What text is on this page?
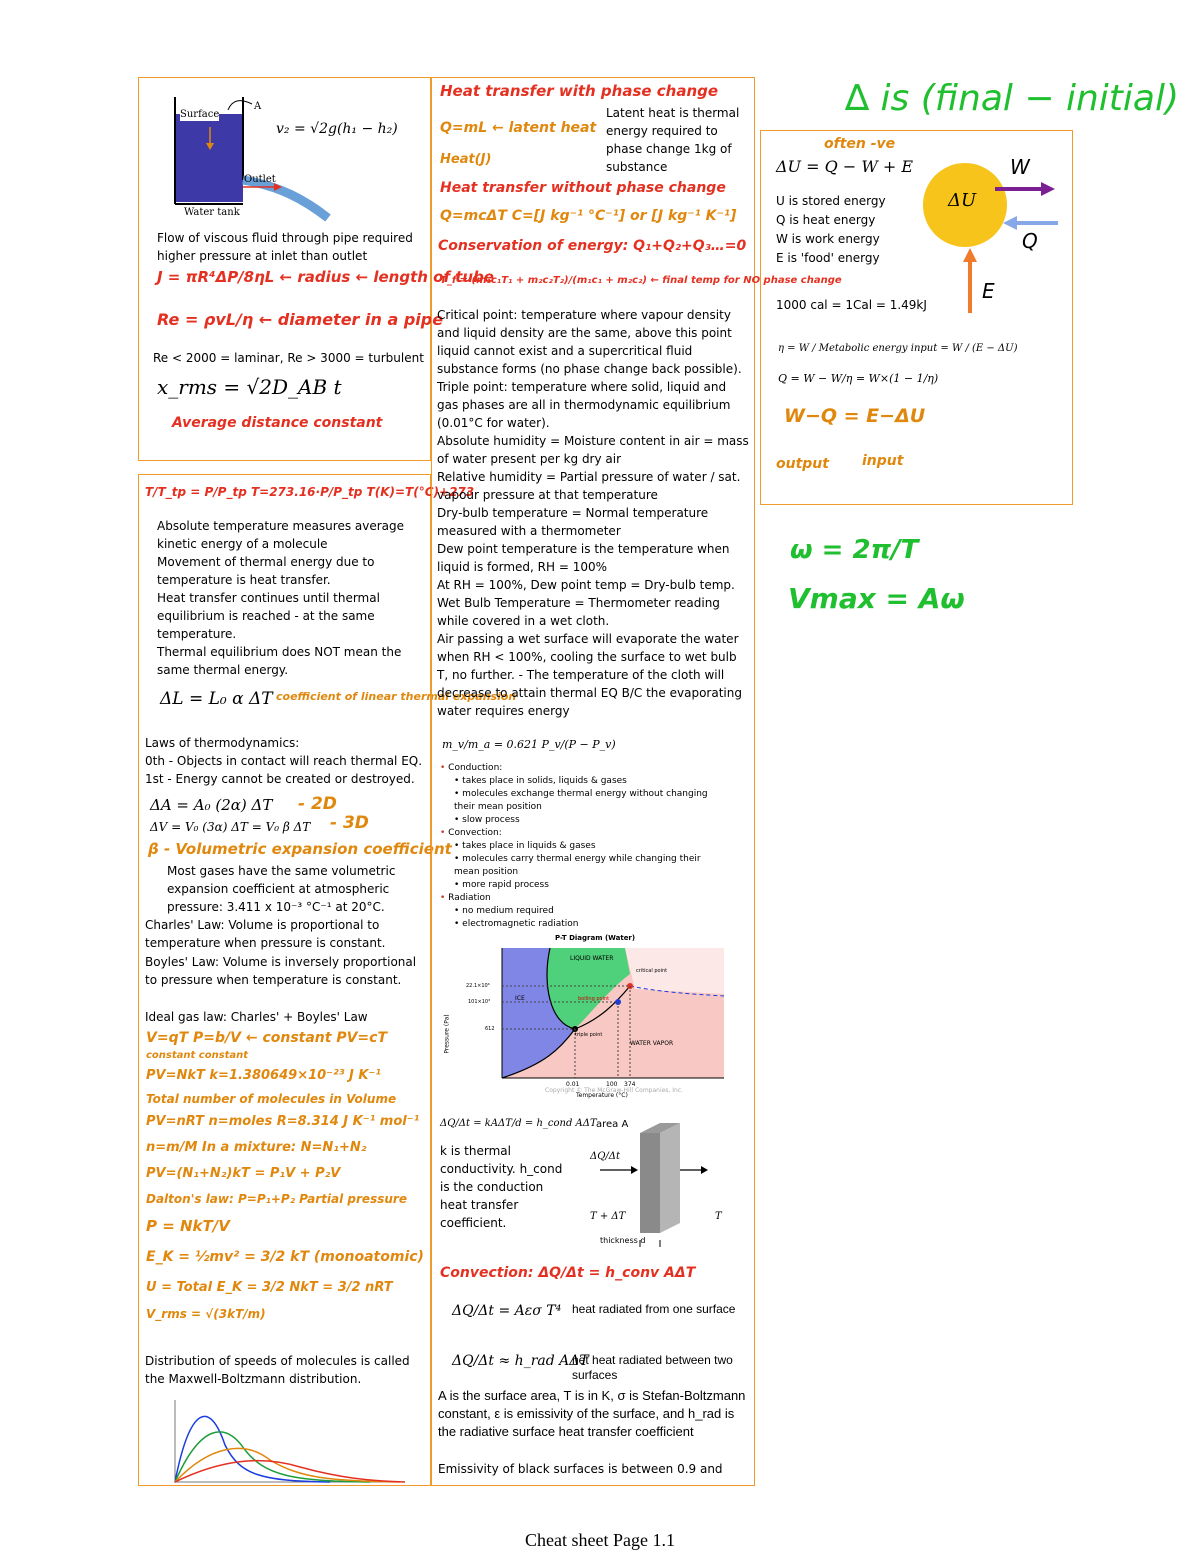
∆ is (final − initial)
Surface
A
Outlet
Water tank
v₂ = √2g(h₁ − h₂)
Flow of viscous fluid through pipe required higher pressure at inlet than outlet
J = πR⁴ΔP/8ηL ← radius ← length of tube
Re = ρvL/η ← diameter in a pipe
Re < 2000 = laminar, Re > 3000 = turbulent
x_rms = √2D_AB t
Average distance constant
T/T_tp = P/P_tp T=273.16·P/P_tp T(K)=T(°C)+273
Absolute temperature measures average kinetic energy of a molecule
Movement of thermal energy due to temperature is heat transfer.
Heat transfer continues until thermal equilibrium is reached - at the same temperature.
Thermal equilibrium does NOT mean the same thermal energy.
ΔL = L₀ α ΔT coefficient of linear thermal expansion
Laws of thermodynamics:
0th - Objects in contact will reach thermal EQ.
1st - Energy cannot be created or destroyed.
ΔA = A₀ (2α) ΔT - 2D
ΔV = V₀ (3α) ΔT = V₀ β ΔT - 3D
β - Volumetric expansion coefficient
Most gases have the same volumetric expansion coefficient at atmospheric pressure: 3.411 x 10⁻³ °C⁻¹ at 20°C.
Charles' Law: Volume is proportional to temperature when pressure is constant.
Boyles' Law: Volume is inversely proportional to pressure when temperature is constant.
Ideal gas law: Charles' + Boyles' Law
V=qT P=b/V ← constant PV=cT
constant constant
PV=NkT k=1.380649×10⁻²³ J K⁻¹
Total number of molecules in Volume
PV=nRT n=moles R=8.314 J K⁻¹ mol⁻¹
n=m/M In a mixture: N=N₁+N₂
PV=(N₁+N₂)kT = P₁V + P₂V
Dalton's law: P=P₁+P₂ Partial pressure
P = NkT/V
E_K = ½mv² = 3/2 kT (monoatomic)
U = Total E_K = 3/2 NkT = 3/2 nRT
V_rms = √(3kT/m)
Distribution of speeds of molecules is called the Maxwell-Boltzmann distribution.
Heat transfer with phase change
Latent heat is thermal energy required to phase change 1kg of substance
Q=mL ← latent heat
Heat(J)
Heat transfer without phase change
Q=mcΔT C=[J kg⁻¹ °C⁻¹] or [J kg⁻¹ K⁻¹]
Conservation of energy: Q₁+Q₂+Q₃…=0
T_f = (m₁c₁T₁ + m₂c₂T₂)/(m₁c₁ + m₂c₂) ← final temp for NO phase change
Critical point: temperature where vapour density and liquid density are the same, above this point liquid cannot exist and a supercritical fluid substance forms (no phase change back possible).
Triple point: temperature where solid, liquid and gas phases are all in thermodynamic equilibrium (0.01°C for water).
Absolute humidity = Moisture content in air = mass of water present per kg dry air
Relative humidity = Partial pressure of water / sat. vapour pressure at that temperature
Dry-bulb temperature = Normal temperature measured with a thermometer
Dew point temperature is the temperature when liquid is formed, RH = 100%
At RH = 100%, Dew point temp = Dry-bulb temp.
Wet Bulb Temperature = Thermometer reading while covered in a wet cloth.
Air passing a wet surface will evaporate the water when RH < 100%, cooling the surface to wet bulb T, no further. - The temperature of the cloth will decrease to attain thermal EQ B/C the evaporating water requires energy
m_v/m_a = 0.621 P_v/(P − P_v)
• Conduction:
• takes place in solids, liquids & gases
• molecules exchange thermal energy without changing their mean position
• slow process
• Convection:
• takes place in liquids & gases
• molecules carry thermal energy while changing their mean position
• more rapid process
• Radiation
• no medium required
• electromagnetic radiation
P-T Diagram (Water)
LIQUID WATER
ICE
WATER VAPOR
critical point
boiling point
triple point
22.1×10⁶
101×10³
612
Pressure (Pa)
0.01	100 374
Copyright © The McGraw-Hill Companies, Inc.
Temperature (°C)
ΔQ/Δt = kAΔT/d = h_cond AΔT
k is thermal conductivity. h_cond is the conduction heat transfer coefficient.
area A
ΔQ/Δt
T + ΔT	T
thickness d
Convection: ΔQ/Δt = h_conv AΔT
ΔQ/Δt = Aεσ T⁴ heat radiated from one surface
ΔQ/Δt ≈ h_rad AΔT
net heat radiated between two surfaces
A is the surface area, T is in K, σ is Stefan-Boltzmann constant, ε is emissivity of the surface, and h_rad is the radiative surface heat transfer coefficient
Emissivity of black surfaces is between 0.9 and
often -ve
ΔU = Q − W + E
U is stored energy
Q is heat energy
W is work energy
E is 'food' energy
ΔU
W
Q
E
1000 cal = 1Cal = 1.49kJ
η = W / Metabolic energy input = W / (E − ΔU)
Q = W − W/η = W×(1 − 1/η)
W−Q = E−ΔU
output input
ω = 2π/T
Vmax = Aω
Cheat sheet Page 1.1
